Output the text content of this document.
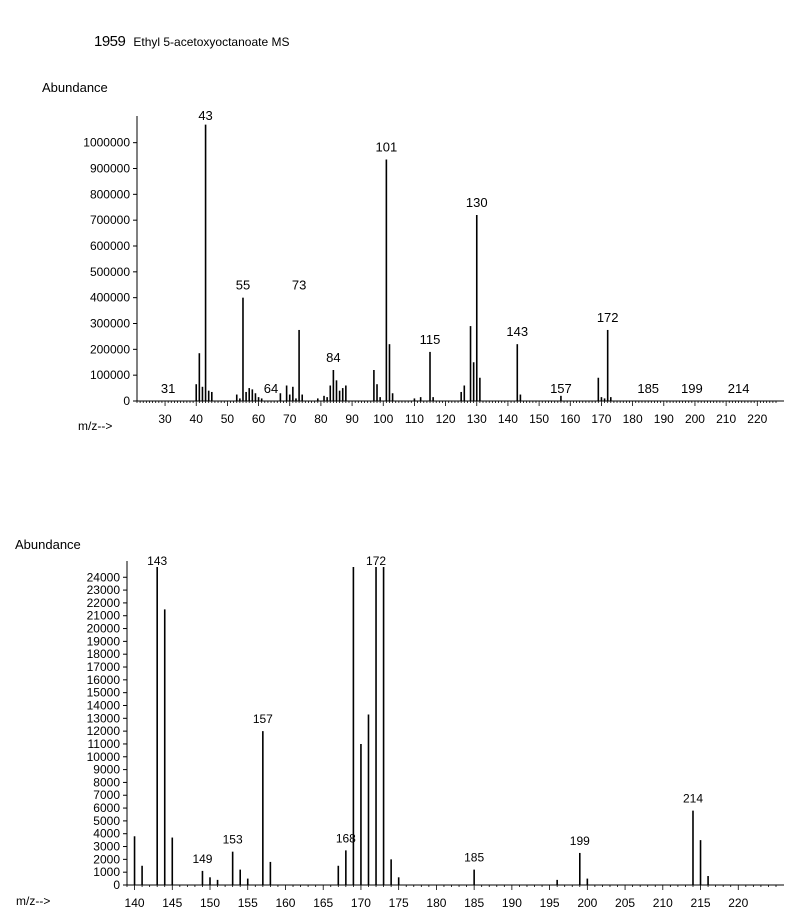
1959 Ethyl 5-acetoxyoctanoate MS
0
100000
200000
300000
400000
500000
600000
700000
800000
900000
1000000
30 40 50 60 70 80 90 100 110 120 130 140 150 160 170 180 190 200 210 220
Abundance
m/z-->
31
43
55
64
73
84
101
115
130
143
157
172
185 199 214
0
1000
2000
3000
4000
5000
6000
7000
8000
9000
10000
11000
12000
13000
14000
15000
16000
17000
18000
19000
20000
21000
22000
23000
24000
140 145 150 155 160 165 170 175 180 185 190 195 200 205 210 215 220
Abundance
m/z-->
143
149
153
157
168
172
185
199
214
